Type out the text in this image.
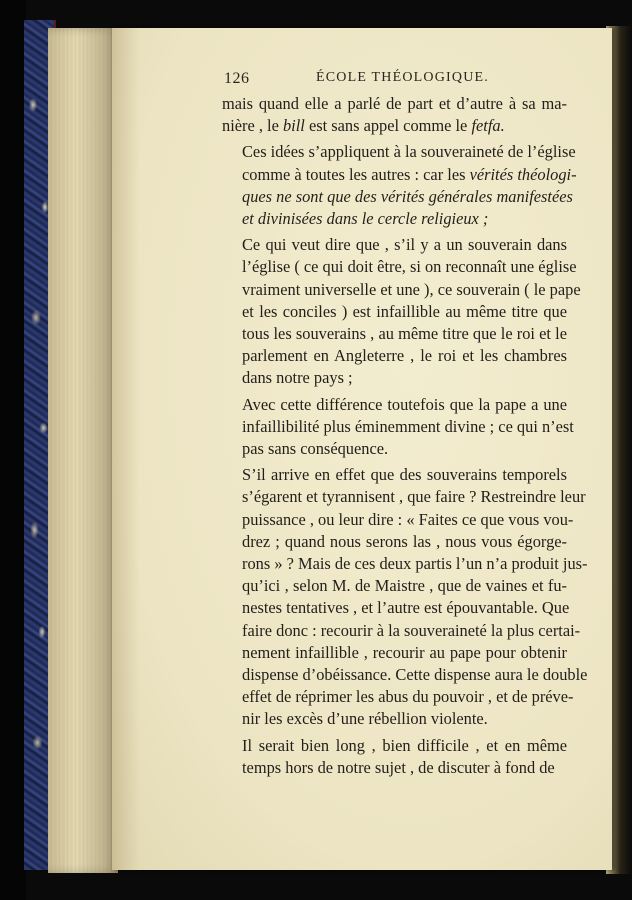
126	ÉCOLE THÉOLOGIQUE.
mais quand elle a parlé de part et d’autre à sa ma-
nière , le bill est sans appel comme le fetfa.
Ces idées s’appliquent à la souveraineté de l’église
comme à toutes les autres : car les vérités théologi-
ques ne sont que des vérités générales manifestées
et divinisées dans le cercle religieux ;
Ce qui veut dire que , s’il y a un souverain dans
l’église ( ce qui doit être, si on reconnaît une église
vraiment universelle et une ), ce souverain ( le pape
et les conciles ) est infaillible au même titre que
tous les souverains , au même titre que le roi et le
parlement en Angleterre , le roi et les chambres
dans notre pays ;
Avec cette différence toutefois que la pape a une
infaillibilité plus éminemment divine ; ce qui n’est
pas sans conséquence.
S’il arrive en effet que des souverains temporels
s’égarent et tyrannisent , que faire ? Restreindre leur
puissance , ou leur dire : « Faites ce que vous vou-
drez ; quand nous serons las , nous vous égorge-
rons » ? Mais de ces deux partis l’un n’a produit jus-
qu’ici , selon M. de Maistre , que de vaines et fu-
nestes tentatives , et l’autre est épouvantable. Que
faire donc : recourir à la souveraineté la plus certai-
nement infaillible , recourir au pape pour obtenir
dispense d’obéissance. Cette dispense aura le double
effet de réprimer les abus du pouvoir , et de préve-
nir les excès d’une rébellion violente.
Il serait bien long , bien difficile , et en même
temps hors de notre sujet , de discuter à fond de
